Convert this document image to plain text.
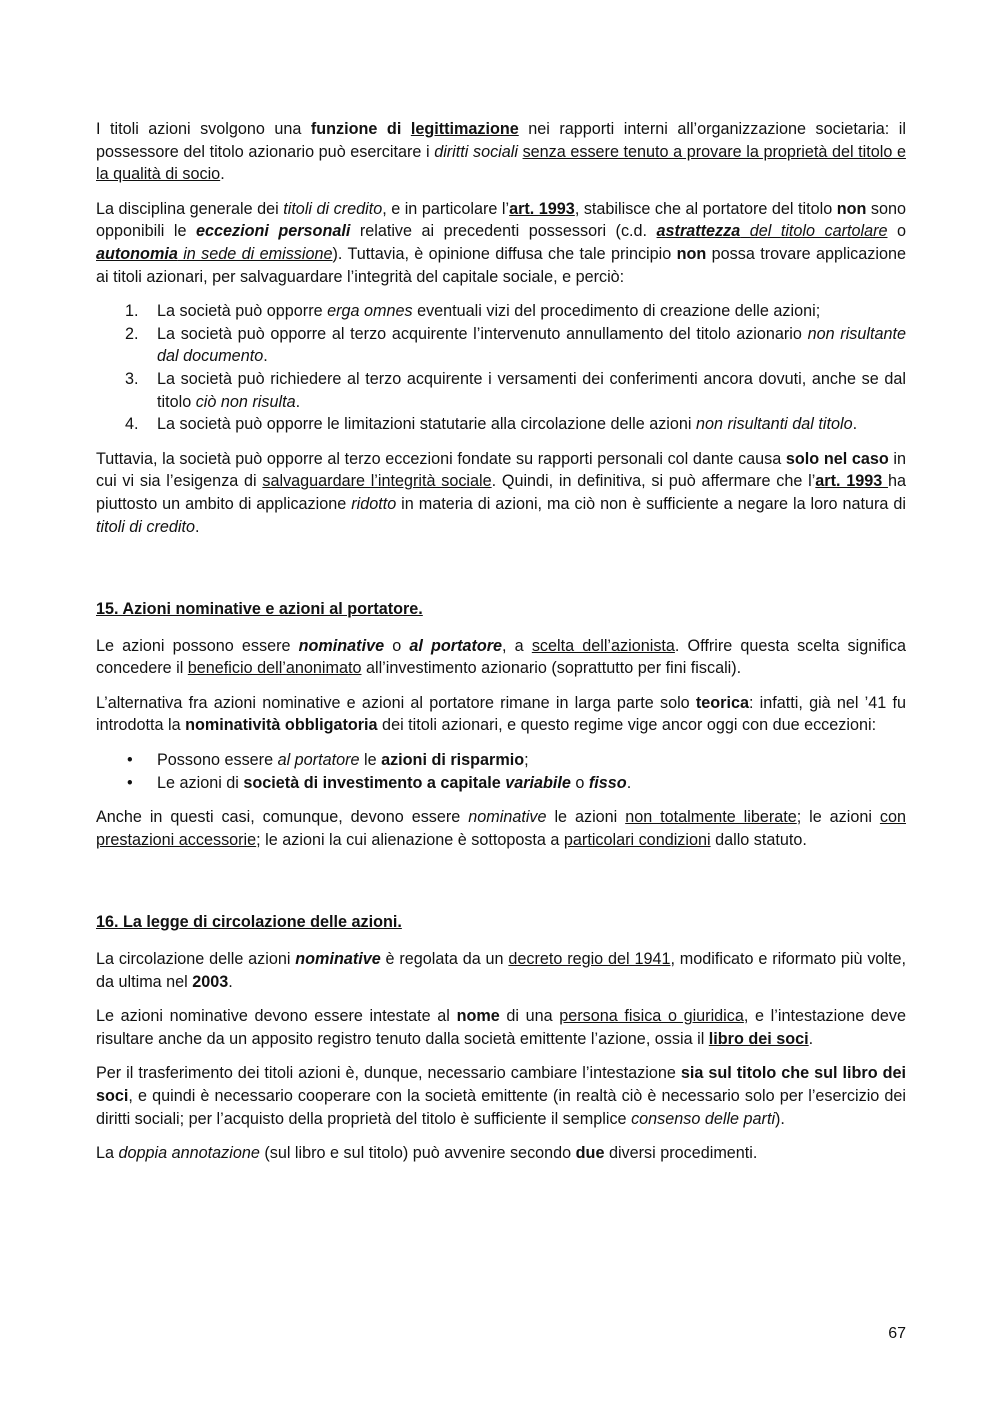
I titoli azioni svolgono una funzione di legittimazione nei rapporti interni all’organizzazione societaria: il possessore del titolo azionario può esercitare i diritti sociali senza essere tenuto a provare la proprietà del titolo e la qualità di socio.

La disciplina generale dei titoli di credito, e in particolare l’art. 1993, stabilisce che al portatore del titolo non sono opponibili le eccezioni personali relative ai precedenti possessori (c.d. astrattezza del titolo cartolare o autonomia in sede di emissione). Tuttavia, è opinione diffusa che tale principio non possa trovare applicazione ai titoli azionari, per salvaguardare l’integrità del capitale sociale, e perciò:

1. La società può opporre erga omnes eventuali vizi del procedimento di creazione delle azioni;
2. La società può opporre al terzo acquirente l’intervenuto annullamento del titolo azionario non risultante dal documento.
3. La società può richiedere al terzo acquirente i versamenti dei conferimenti ancora dovuti, anche se dal titolo ciò non risulta.
4. La società può opporre le limitazioni statutarie alla circolazione delle azioni non risultanti dal titolo.

Tuttavia, la società può opporre al terzo eccezioni fondate su rapporti personali col dante causa solo nel caso in cui vi sia l’esigenza di salvaguardare l’integrità sociale. Quindi, in definitiva, si può affermare che l’art. 1993 ha piuttosto un ambito di applicazione ridotto in materia di azioni, ma ciò non è sufficiente a negare la loro natura di titoli di credito.

15. Azioni nominative e azioni al portatore.

Le azioni possono essere nominative o al portatore, a scelta dell’azionista. Offrire questa scelta significa concedere il beneficio dell’anonimato all’investimento azionario (soprattutto per fini fiscali).

L’alternativa fra azioni nominative e azioni al portatore rimane in larga parte solo teorica: infatti, già nel ’41 fu introdotta la nominatività obbligatoria dei titoli azionari, e questo regime vige ancor oggi con due eccezioni:

• Possono essere al portatore le azioni di risparmio;
• Le azioni di società di investimento a capitale variabile o fisso.

Anche in questi casi, comunque, devono essere nominative le azioni non totalmente liberate; le azioni con prestazioni accessorie; le azioni la cui alienazione è sottoposta a particolari condizioni dallo statuto.

16. La legge di circolazione delle azioni.

La circolazione delle azioni nominative è regolata da un decreto regio del 1941, modificato e riformato più volte, da ultima nel 2003.

Le azioni nominative devono essere intestate al nome di una persona fisica o giuridica, e l’intestazione deve risultare anche da un apposito registro tenuto dalla società emittente l’azione, ossia il libro dei soci.

Per il trasferimento dei titoli azioni è, dunque, necessario cambiare l’intestazione sia sul titolo che sul libro dei soci, e quindi è necessario cooperare con la società emittente (in realtà ciò è necessario solo per l’esercizio dei diritti sociali; per l’acquisto della proprietà del titolo è sufficiente il semplice consenso delle parti).

La doppia annotazione (sul libro e sul titolo) può avvenire secondo due diversi procedimenti.

67
